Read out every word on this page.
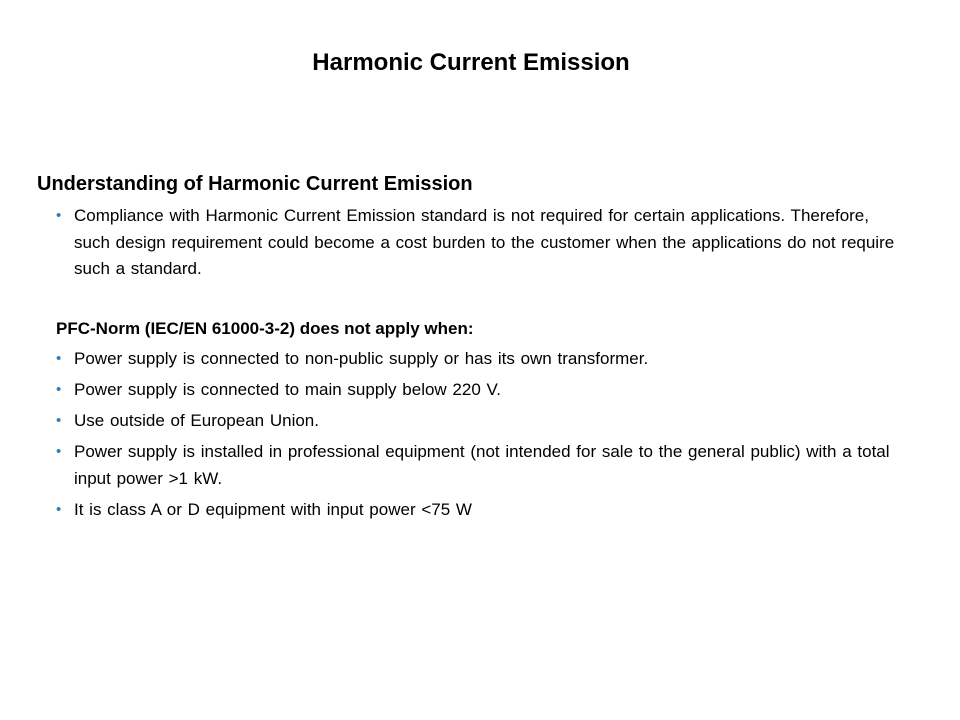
Harmonic Current Emission
Understanding of Harmonic Current Emission
• Compliance with Harmonic Current Emission standard is not required for certain applications. Therefore, such design requirement could become a cost burden to the customer when the applications do not require such a standard.
PFC-Norm (IEC/EN 61000-3-2) does not apply when:
• Power supply is connected to non-public supply or has its own transformer.
• Power supply is connected to main supply below 220 V.
• Use outside of European Union.
• Power supply is installed in professional equipment (not intended for sale to the general public) with a total input power >1 kW.
• It is class A or D equipment with input power <75 W
